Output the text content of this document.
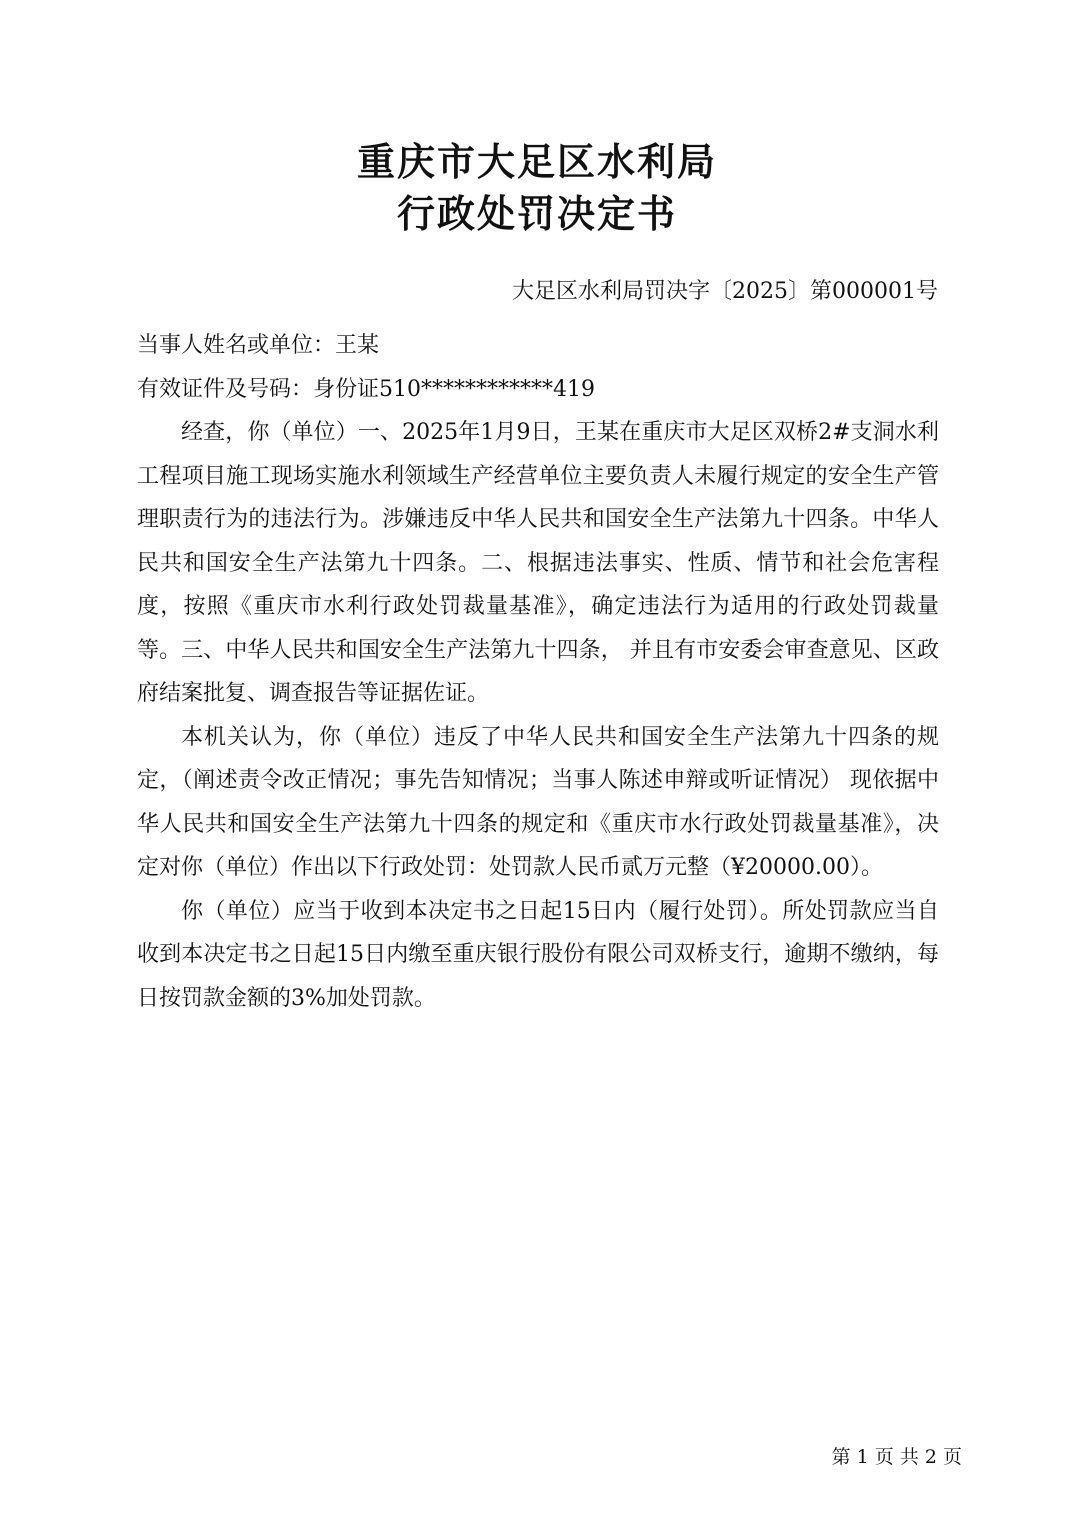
重庆市大足区水利局
行政处罚决定书
大足区水利局罚决字〔2025〕第000001号

当事人姓名或单位：王某

有效证件及号码：身份证510************419

经查，你（单位）一、2025年1月9日，王某在重庆市大足区双桥2#支洞水利工程项目施工现场实施水利领域生产经营单位主要负责人未履行规定的安全生产管理职责行为的违法行为。涉嫌违反中华人民共和国安全生产法第九十四条。中华人民共和国安全生产法第九十四条。二、根据违法事实、性质、情节和社会危害程度，按照《重庆市水利行政处罚裁量基准》，确定违法行为适用的行政处罚裁量等。三、中华人民共和国安全生产法第九十四条， 并且有市安委会审查意见、区政府结案批复、调查报告等证据佐证。

本机关认为，你（单位）违反了中华人民共和国安全生产法第九十四条的规定，（阐述责令改正情况；事先告知情况；当事人陈述申辩或听证情况） 现依据中华人民共和国安全生产法第九十四条的规定和《重庆市水行政处罚裁量基准》，决定对你（单位）作出以下行政处罚：处罚款人民币贰万元整（¥20000.00）。

你（单位）应当于收到本决定书之日起15日内（履行处罚）。所处罚款应当自收到本决定书之日起15日内缴至重庆银行股份有限公司双桥支行，逾期不缴纳，每日按罚款金额的3%加处罚款。

第 1 页 共 2 页
